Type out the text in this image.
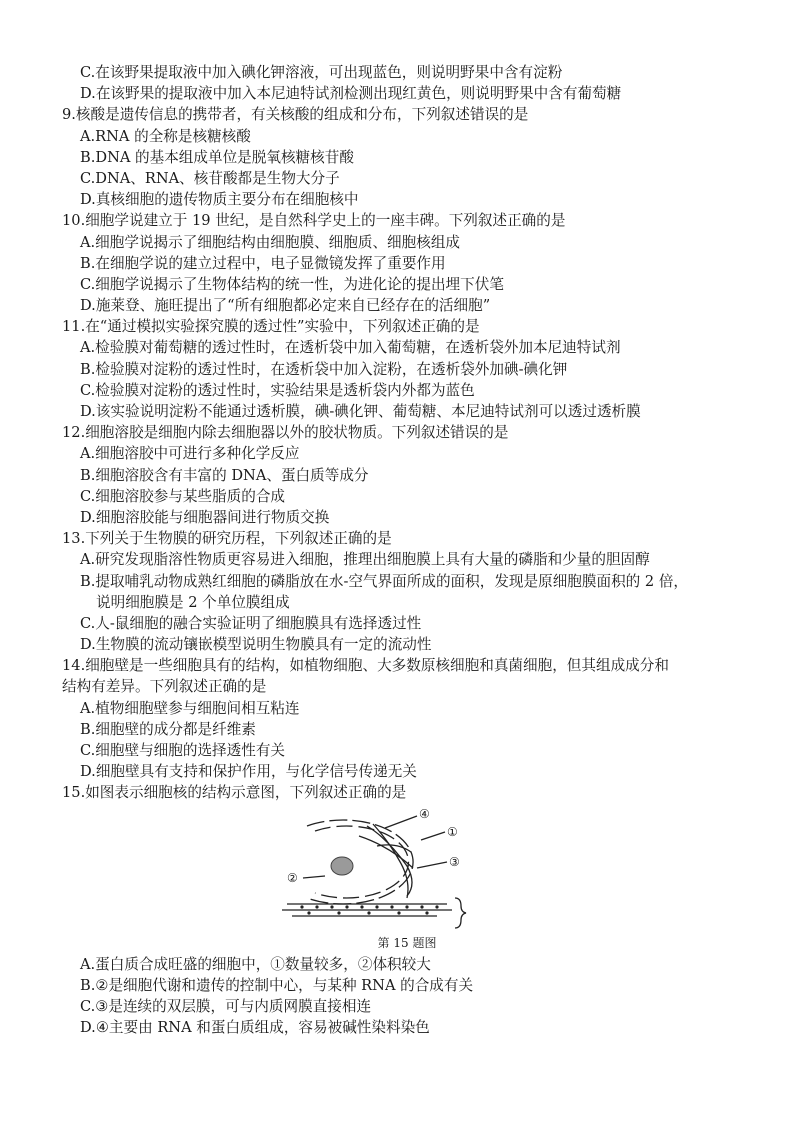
C.在该野果提取液中加入碘化钾溶液，可出现蓝色，则说明野果中含有淀粉
D.在该野果的提取液中加入本尼迪特试剂检测出现红黄色，则说明野果中含有葡萄糖
9.核酸是遗传信息的携带者，有关核酸的组成和分布，下列叙述错误的是
A.RNA 的全称是核糖核酸
B.DNA 的基本组成单位是脱氧核糖核苷酸
C.DNA、RNA、核苷酸都是生物大分子
D.真核细胞的遗传物质主要分布在细胞核中
10.细胞学说建立于 19 世纪，是自然科学史上的一座丰碑。下列叙述正确的是
A.细胞学说揭示了细胞结构由细胞膜、细胞质、细胞核组成
B.在细胞学说的建立过程中，电子显微镜发挥了重要作用
C.细胞学说揭示了生物体结构的统一性，为进化论的提出埋下伏笔
D.施莱登、施旺提出了“所有细胞都必定来自已经存在的活细胞”
11.在“通过模拟实验探究膜的透过性”实验中，下列叙述正确的是
A.检验膜对葡萄糖的透过性时，在透析袋中加入葡萄糖，在透析袋外加本尼迪特试剂
B.检验膜对淀粉的透过性时，在透析袋中加入淀粉，在透析袋外加碘-碘化钾
C.检验膜对淀粉的透过性时，实验结果是透析袋内外都为蓝色
D.该实验说明淀粉不能通过透析膜，碘-碘化钾、葡萄糖、本尼迪特试剂可以透过透析膜
12.细胞溶胶是细胞内除去细胞器以外的胶状物质。下列叙述错误的是
A.细胞溶胶中可进行多种化学反应
B.细胞溶胶含有丰富的 DNA、蛋白质等成分
C.细胞溶胶参与某些脂质的合成
D.细胞溶胶能与细胞器间进行物质交换
13.下列关于生物膜的研究历程，下列叙述正确的是
A.研究发现脂溶性物质更容易进入细胞，推理出细胞膜上具有大量的磷脂和少量的胆固醇
B.提取哺乳动物成熟红细胞的磷脂放在水-空气界面所成的面积，发现是原细胞膜面积的 2 倍，
说明细胞膜是 2 个单位膜组成
C.人-鼠细胞的融合实验证明了细胞膜具有选择透过性
D.生物膜的流动镶嵌模型说明生物膜具有一定的流动性
14.细胞壁是一些细胞具有的结构，如植物细胞、大多数原核细胞和真菌细胞，但其组成成分和
结构有差异。下列叙述正确的是
A.植物细胞壁参与细胞间相互粘连
B.细胞壁的成分都是纤维素
C.细胞壁与细胞的选择透性有关
D.细胞壁具有支持和保护作用，与化学信号传递无关
15.如图表示细胞核的结构示意图，下列叙述正确的是
④
①
②
③
第 15 题图
A.蛋白质合成旺盛的细胞中，①数量较多，②体积较大
B.②是细胞代谢和遗传的控制中心，与某种 RNA 的合成有关
C.③是连续的双层膜，可与内质网膜直接相连
D.④主要由 RNA 和蛋白质组成，容易被碱性染料染色
